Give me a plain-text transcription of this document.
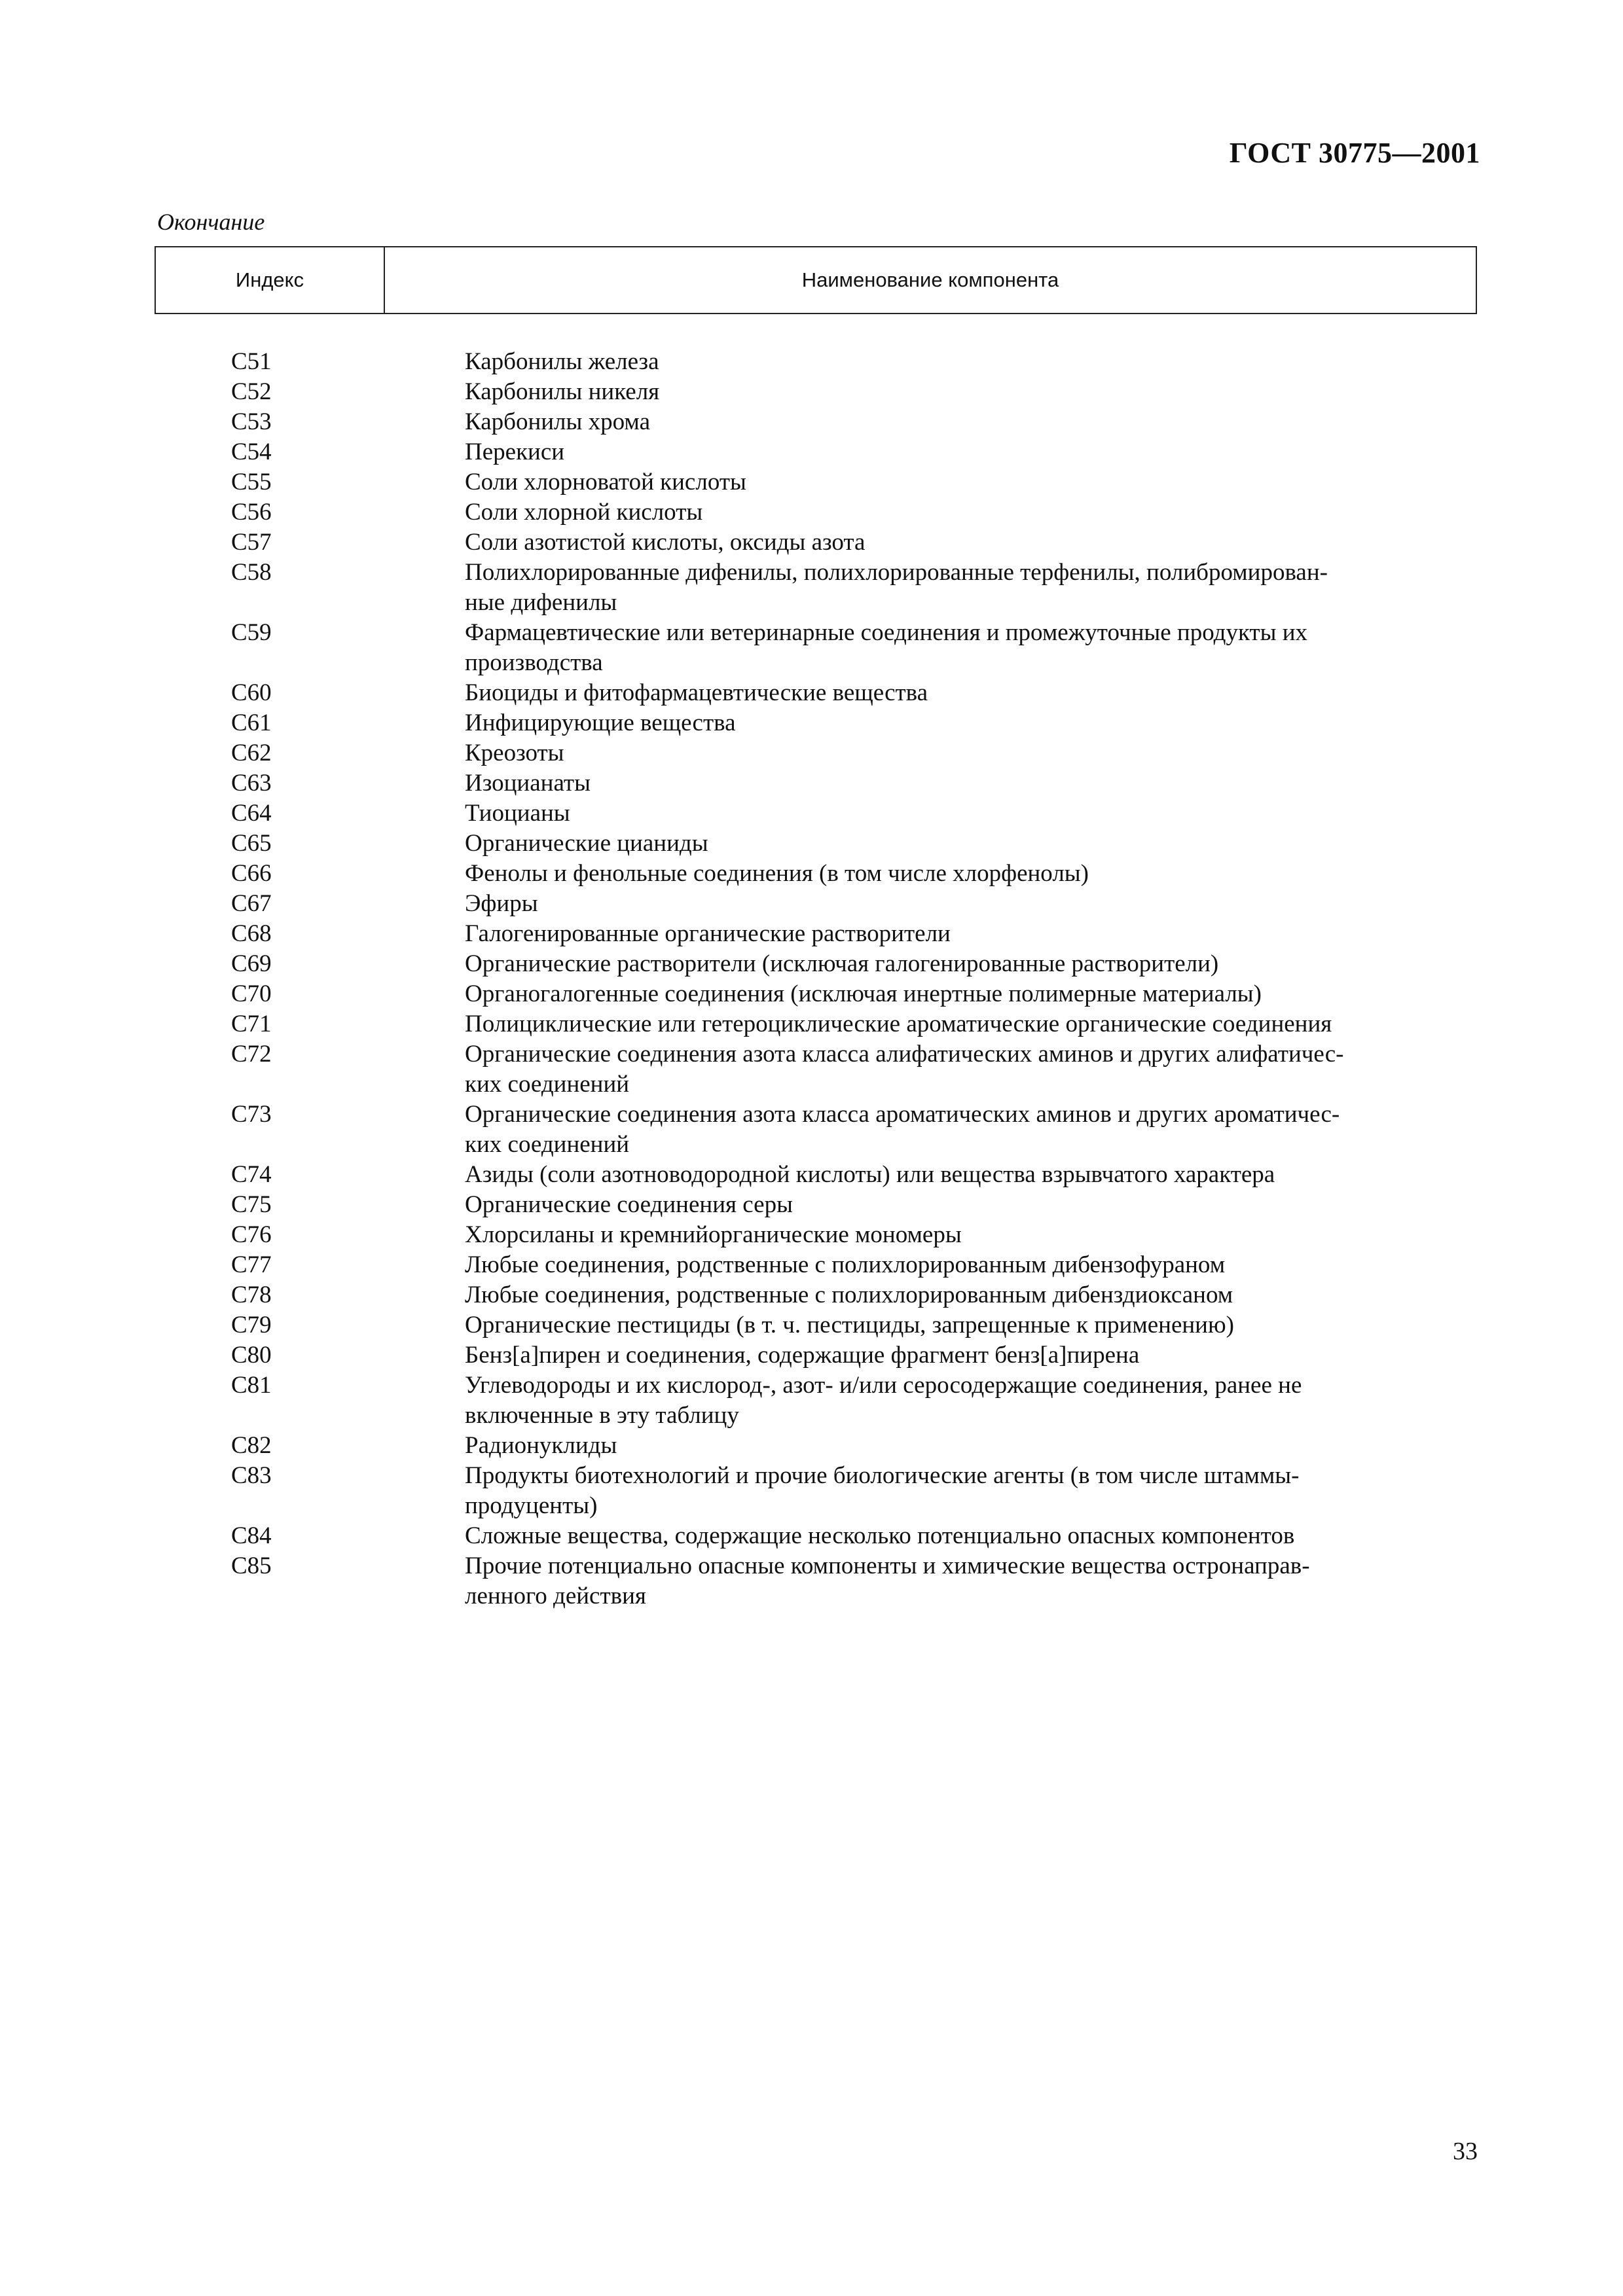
ГОСТ 30775—2001
Окончание
Индекс	Наименование компонента
C51	Карбонилы железа
C52	Карбонилы никеля
C53	Карбонилы хрома
C54	Перекиси
C55	Соли хлорноватой кислоты
C56	Соли хлорной кислоты
C57	Соли азотистой кислоты, оксиды азота
C58	Полихлорированные дифенилы, полихлорированные терфенилы, полибромирован-
ные дифенилы
C59	Фармацевтические или ветеринарные соединения и промежуточные продукты их
производства
C60	Биоциды и фитофармацевтические вещества
C61	Инфицирующие вещества
C62	Креозоты
C63	Изоцианаты
C64	Тиоцианы
C65	Органические цианиды
C66	Фенолы и фенольные соединения (в том числе хлорфенолы)
C67	Эфиры
C68	Галогенированные органические растворители
C69	Органические растворители (исключая галогенированные растворители)
C70	Органогалогенные соединения (исключая инертные полимерные материалы)
C71	Полициклические или гетероциклические ароматические органические соединения
C72	Органические соединения азота класса алифатических аминов и других алифатичес-
ких соединений
C73	Органические соединения азота класса ароматических аминов и других ароматичес-
ких соединений
C74	Азиды (соли азотноводородной кислоты) или вещества взрывчатого характера
C75	Органические соединения серы
C76	Хлорсиланы и кремнийорганические мономеры
C77	Любые соединения, родственные с полихлорированным дибензофураном
C78	Любые соединения, родственные с полихлорированным дибенздиоксаном
C79	Органические пестициды (в т. ч. пестициды, запрещенные к применению)
C80	Бенз[а]пирен и соединения, содержащие фрагмент бенз[а]пирена
C81	Углеводороды и их кислород-, азот- и/или серосодержащие соединения, ранее не
включенные в эту таблицу
C82	Радионуклиды
C83	Продукты биотехнологий и прочие биологические агенты (в том числе штаммы-
продуценты)
C84	Сложные вещества, содержащие несколько потенциально опасных компонентов
C85	Прочие потенциально опасные компоненты и химические вещества остронаправ-
ленного действия
33
